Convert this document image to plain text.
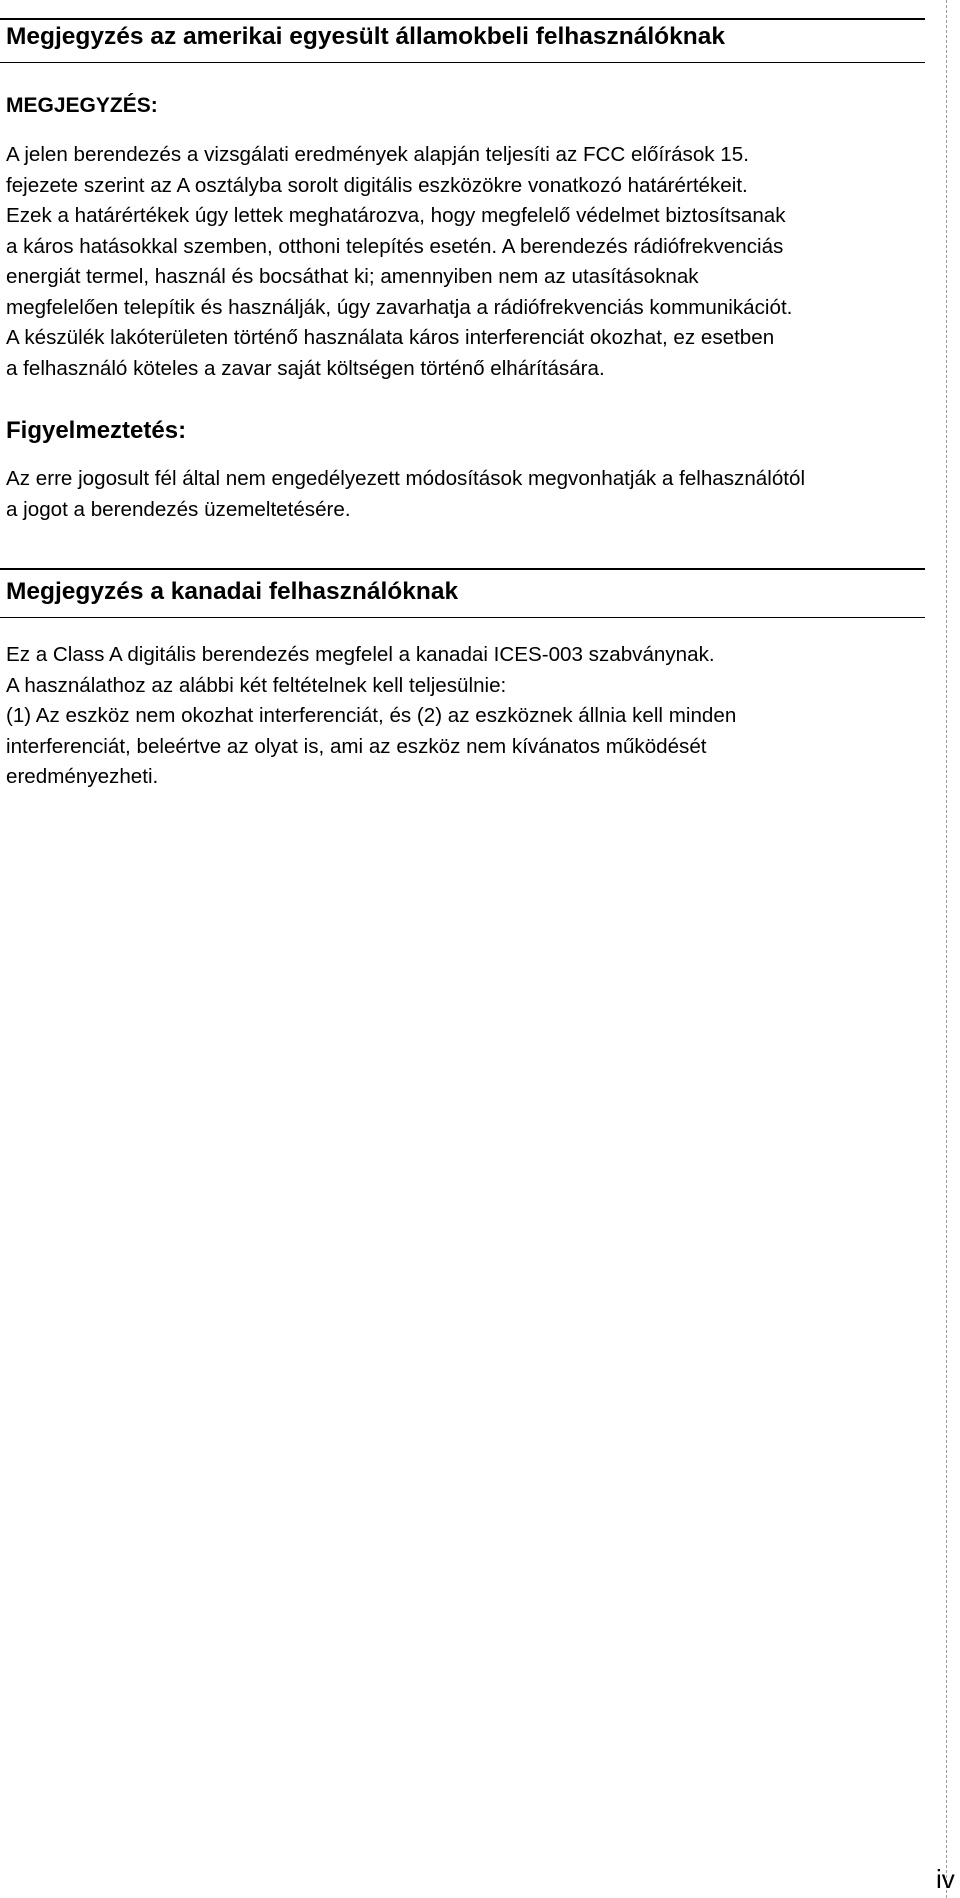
Megjegyzés az amerikai egyesült államokbeli felhasználóknak
MEGJEGYZÉS:
A jelen berendezés a vizsgálati eredmények alapján teljesíti az FCC előírások 15.
fejezete szerint az A osztályba sorolt digitális eszközökre vonatkozó határértékeit.
Ezek a határértékek úgy lettek meghatározva, hogy megfelelő védelmet biztosítsanak
a káros hatásokkal szemben, otthoni telepítés esetén. A berendezés rádiófrekvenciás
energiát termel, használ és bocsáthat ki; amennyiben nem az utasításoknak
megfelelően telepítik és használják, úgy zavarhatja a rádiófrekvenciás kommunikációt.
A készülék lakóterületen történő használata káros interferenciát okozhat, ez esetben
a felhasználó köteles a zavar saját költségen történő elhárítására.
Figyelmeztetés:
Az erre jogosult fél által nem engedélyezett módosítások megvonhatják a felhasználótól
a jogot a berendezés üzemeltetésére.
Megjegyzés a kanadai felhasználóknak
Ez a Class A digitális berendezés megfelel a kanadai ICES-003 szabványnak.
A használathoz az alábbi két feltételnek kell teljesülnie:
(1) Az eszköz nem okozhat interferenciát, és (2) az eszköznek állnia kell minden
interferenciát, beleértve az olyat is, ami az eszköz nem kívánatos működését
eredményezheti.
iv
